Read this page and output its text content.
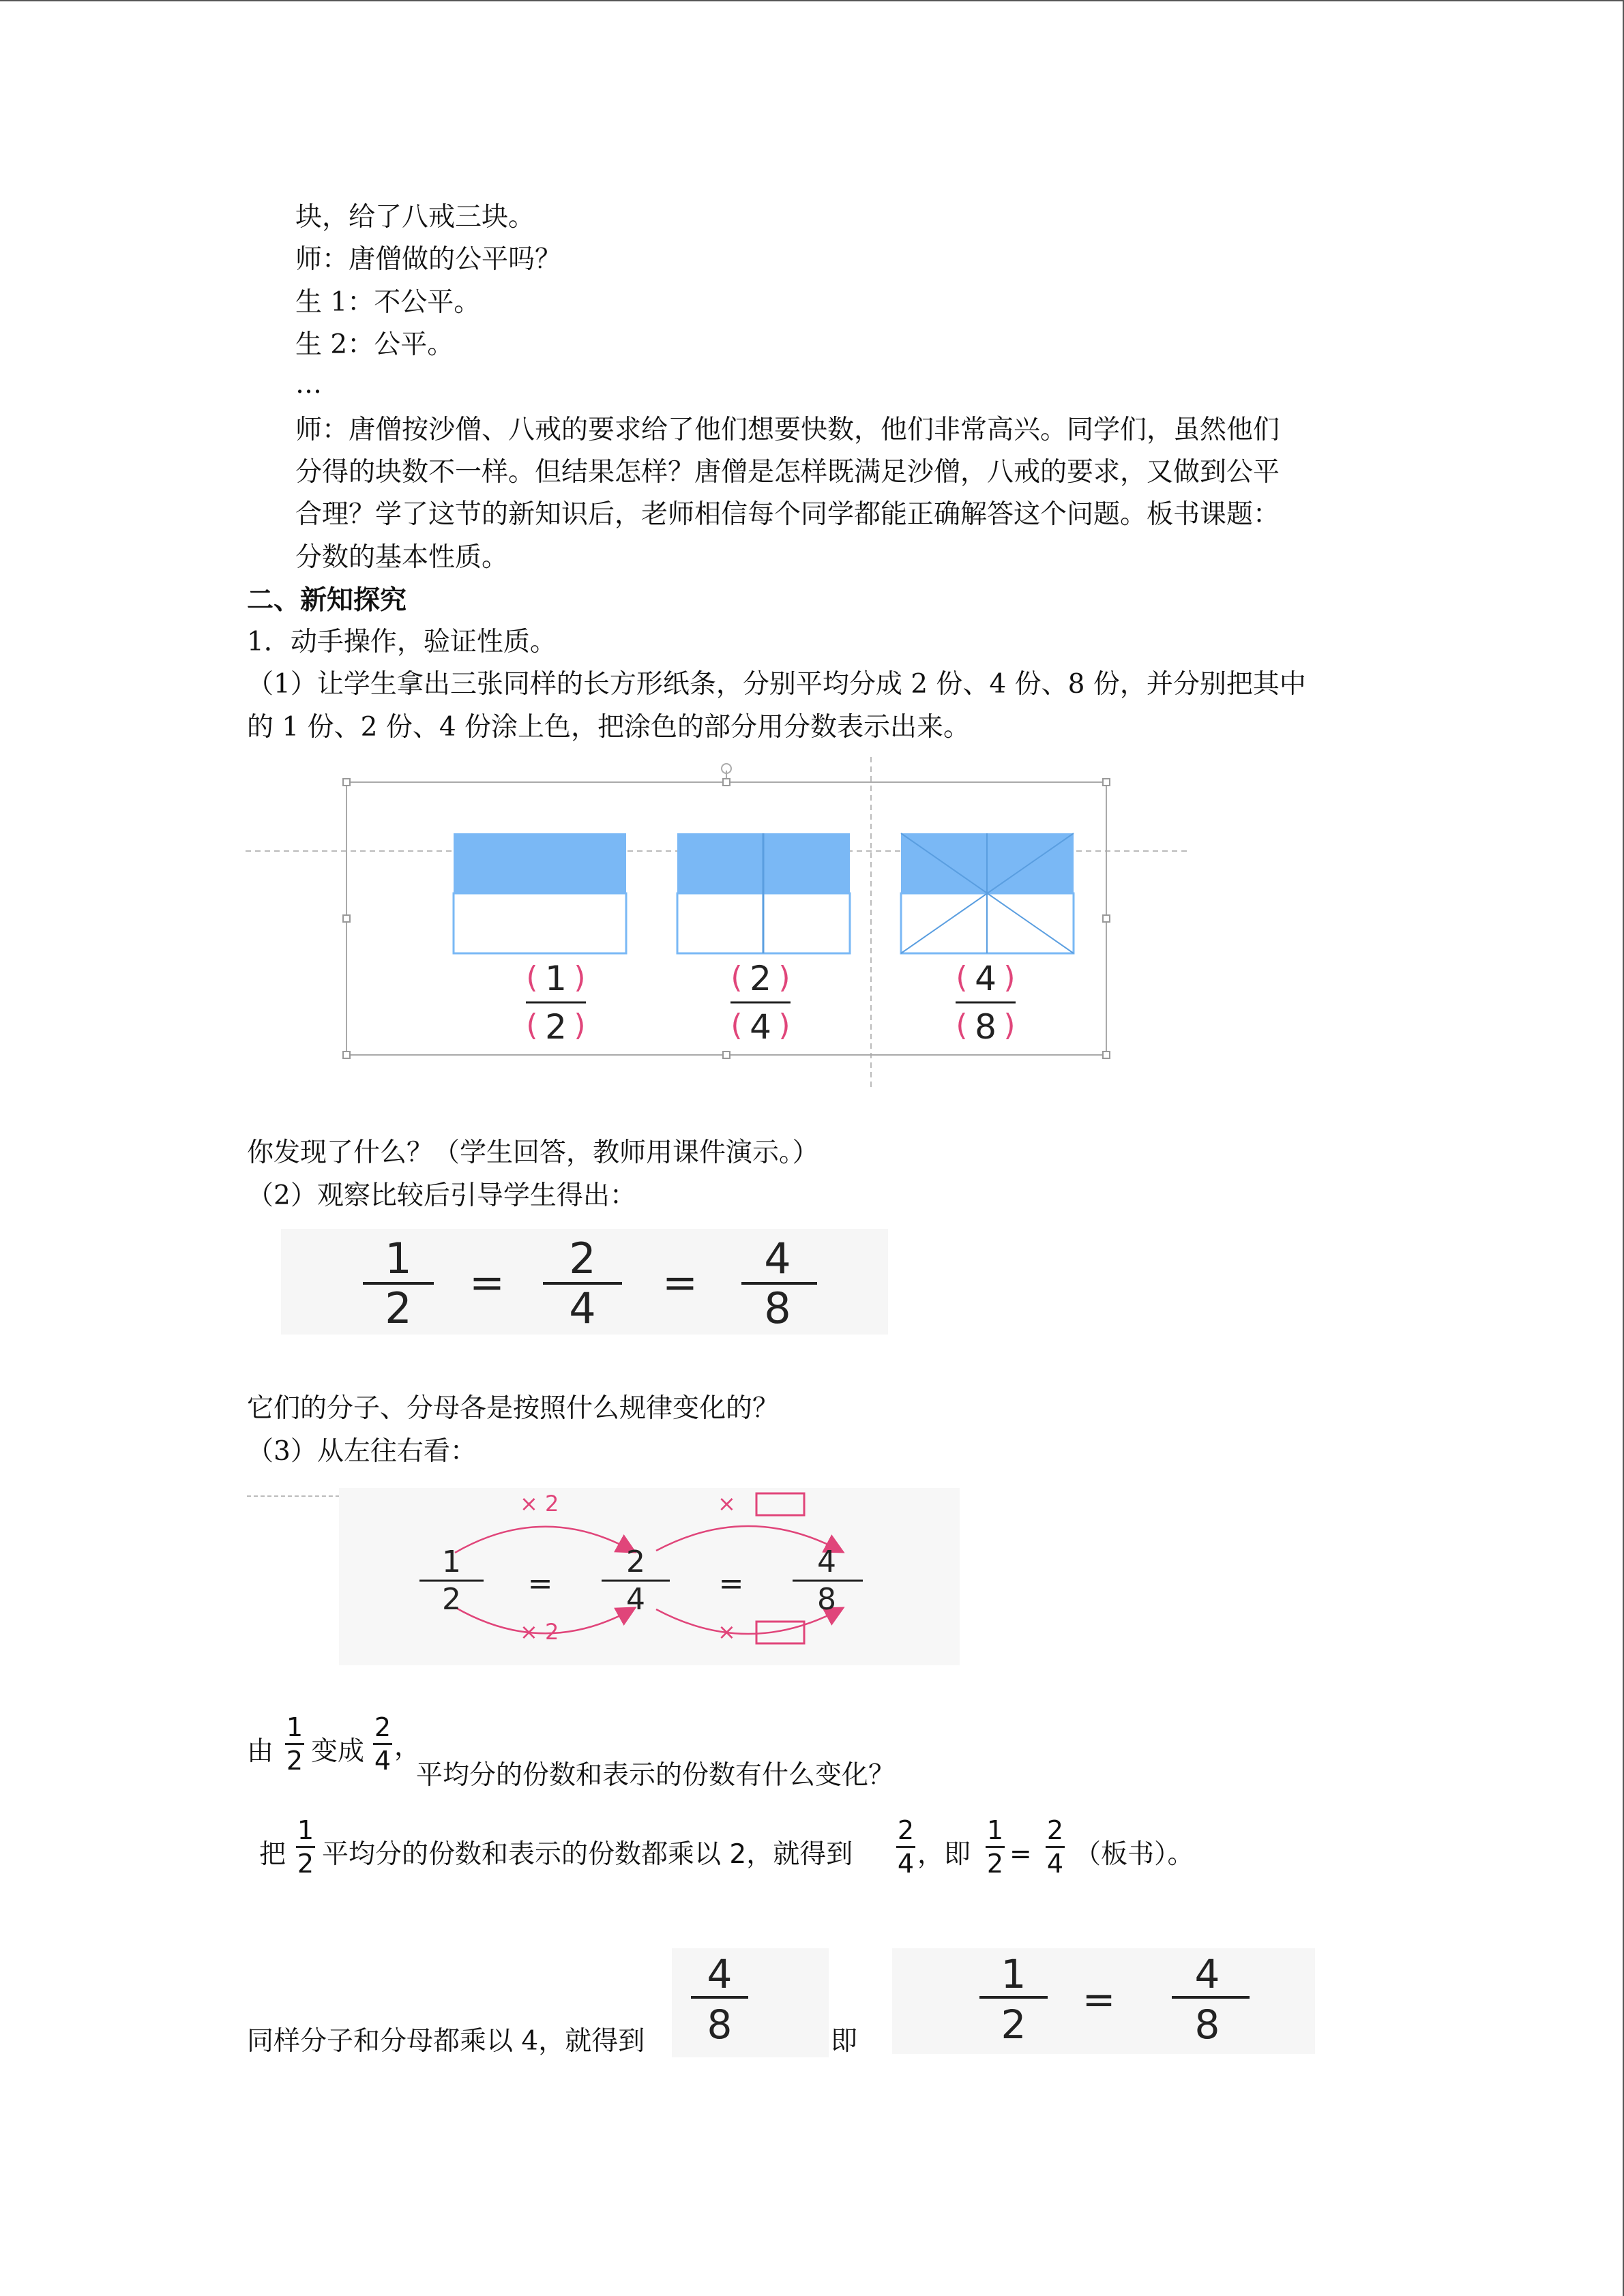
块，给了八戒三块。
师：唐僧做的公平吗？
生 1：不公平。
生 2：公平。
…
师：唐僧按沙僧、八戒的要求给了他们想要快数，他们非常高兴。同学们，虽然他们
分得的块数不一样。但结果怎样？唐僧是怎样既满足沙僧，八戒的要求，又做到公平
合理？学了这节的新知识后，老师相信每个同学都能正确解答这个问题。板书课题：
分数的基本性质。
二、新知探究
1．动手操作，验证性质。
（1）让学生拿出三张同样的长方形纸条，分别平均分成 2 份、4 份、8 份，并分别把其中
的 1 份、2 份、4 份涂上色，把涂色的部分用分数表示出来。
( )
( )
1
2
( )
( )
2
4
( )
( )
4
8
你发现了什么？（学生回答，教师用课件演示。）
（2）观察比较后引导学生得出：
1
2
= 2
4
= 4
8
它们的分子、分母各是按照什么规律变化的？
（3）从左往右看：
× 2	×
× 2	×
1
2 =
2
4 =
4
8
由
1
2 变成
2
4 ，
平均分的份数和表示的份数有什么变化？
把
1
2 平均分的份数和表示的份数都乘以 2，就得到
2
4 ，即
1
2 =
2
4 （板书）。
同样分子和分母都乘以 4，就得到
4
8	即
1
2
=
4
8
